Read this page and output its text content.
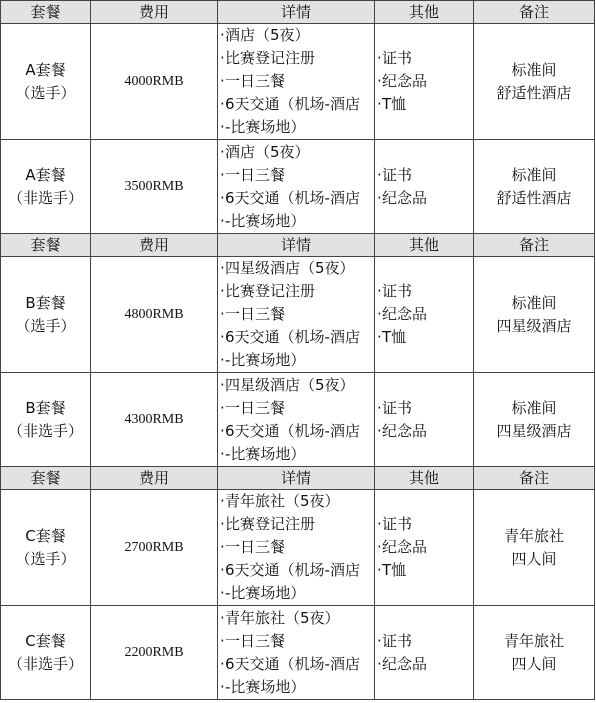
套餐	费用	详情	其他	备注

A套餐
（选手）	4000RMB	·酒店（5夜）
·比赛登记注册
·一日三餐
·6天交通（机场-酒店
·-比赛场地）	·证书
·纪念品
·T恤	标准间
舒适性酒店

A套餐
（非选手）	3500RMB	·酒店（5夜）
·一日三餐
·6天交通（机场-酒店
·-比赛场地）	·证书
·纪念品	标准间
舒适性酒店

套餐	费用	详情	其他	备注

B套餐
（选手）	4800RMB	·四星级酒店（5夜）
·比赛登记注册
·一日三餐
·6天交通（机场-酒店
·-比赛场地）	·证书
·纪念品
·T恤	标准间
四星级酒店

B套餐
（非选手）	4300RMB	·四星级酒店（5夜）
·一日三餐
·6天交通（机场-酒店
·-比赛场地）	·证书
·纪念品	标准间
四星级酒店

套餐	费用	详情	其他	备注

C套餐
（选手）	2700RMB	·青年旅社（5夜）
·比赛登记注册
·一日三餐
·6天交通（机场-酒店
·-比赛场地）	·证书
·纪念品
·T恤	青年旅社
四人间

C套餐
（非选手）	2200RMB	·青年旅社（5夜）
·一日三餐
·6天交通（机场-酒店
·-比赛场地）	·证书
·纪念品	青年旅社
四人间
